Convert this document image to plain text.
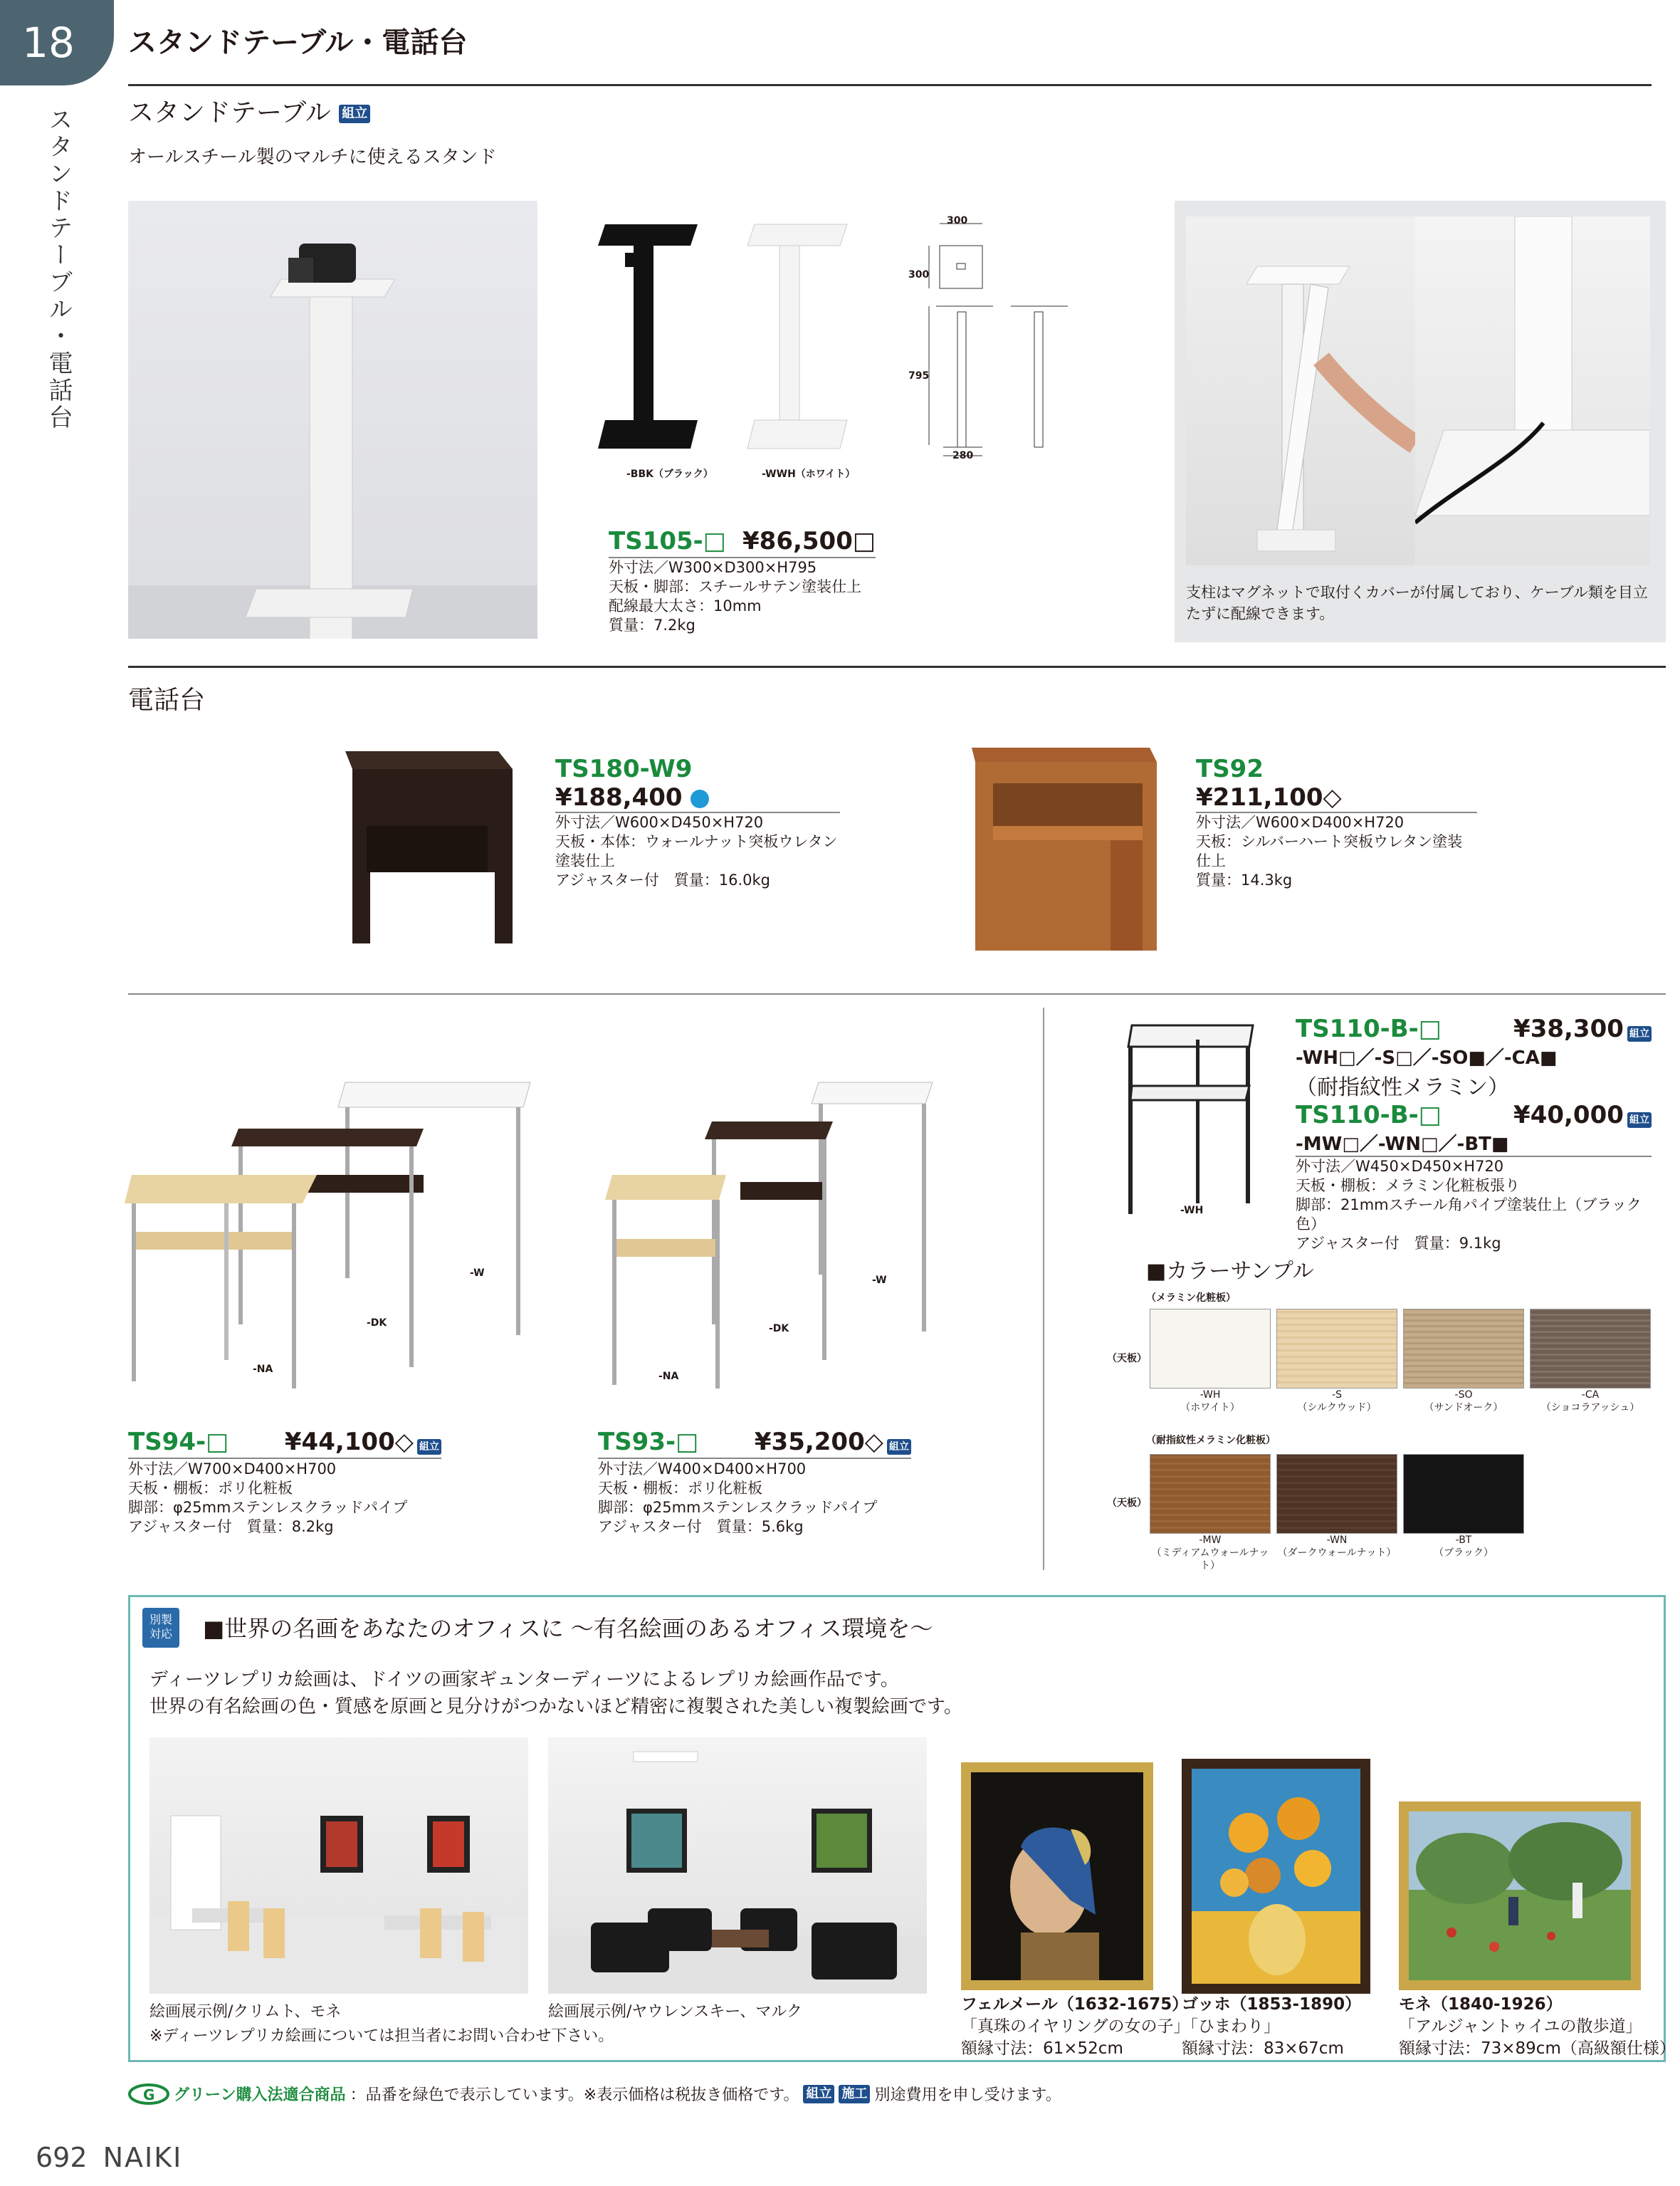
18 スタンドテーブル・電話台
スタンドテーブル・電話台 スタンドテーブル 組立
オールスチール製のマルチに使えるスタンド
-BBK（ブラック）	-WWH（ホワイト）
300
300
795
280
TS105-□ ¥86,500□
外寸法／W300×D300×H795
天板・脚部：スチールサテン塗装仕上
配線最大太さ：10mm
質量：7.2kg
支柱はマグネットで取付くカバーが付属しており、ケーブル類を目立たずに配線できます。
電話台
TS180-W9
¥188,400
外寸法／W600×D450×H720
天板・本体：ウォールナット突板ウレタン塗装仕上
アジャスター付　質量：16.0kg
TS92
¥211,100◇
外寸法／W600×D400×H720
天板：シルバーハート突板ウレタン塗装仕上
質量：14.3kg
-W
-DK
-NA
TS94-□ ¥44,100◇ 組立
外寸法／W700×D400×H700
天板・棚板：ポリ化粧板
脚部：φ25mmステンレスクラッドパイプ
アジャスター付　質量：8.2kg
-W
-DK
-NA
TS93-□ ¥35,200◇ 組立
外寸法／W400×D400×H700
天板・棚板：ポリ化粧板
脚部：φ25mmステンレスクラッドパイプ
アジャスター付　質量：5.6kg
-WH
TS110-B-□	¥38,300 組立
-WH□／-S□／-SO■／-CA■
（耐指紋性メラミン）
TS110-B-□	¥40,000 組立
-MW□／-WN□／-BT■
外寸法／W450×D450×H720
天板・棚板：メラミン化粧板張り
脚部：21mmスチール角パイプ塗装仕上（ブラック色）
アジャスター付　質量：9.1kg
■カラーサンプル
（メラミン化粧板）
（天板）
-WH
（ホワイト）
-S
（シルクウッド）
-SO
（サンドオーク）
-CA
（ショコラアッシュ）
（耐指紋性メラミン化粧板）
（天板）
-MW
（ミディアムウォールナット）
-WN
（ダークウォールナット）
-BT
（ブラック）
別製
対応	■世界の名画をあなたのオフィスに ～有名絵画のあるオフィス環境を～
ディーツレプリカ絵画は、ドイツの画家ギュンターディーツによるレプリカ絵画作品です。
世界の有名絵画の色・質感を原画と見分けがつかないほど精密に複製された美しい複製絵画です。
絵画展示例/クリムト、モネ	絵画展示例/ヤウレンスキー、マルク
※ディーツレプリカ絵画については担当者にお問い合わせ下さい。
フェルメール（1632-1675）
「真珠のイヤリングの女の子」
額縁寸法：61×52cm
ゴッホ（1853-1890）
「ひまわり」
額縁寸法：83×67cm
モネ（1840-1926）
「アルジャントゥイユの散歩道」
額縁寸法：73×89cm（高級額仕様）
G グリーン購入法適合商品 ：品番を緑色で表示しています。※表示価格は税抜き価格です。 組立 施工 別途費用を申し受けます。
692 NAIKI
